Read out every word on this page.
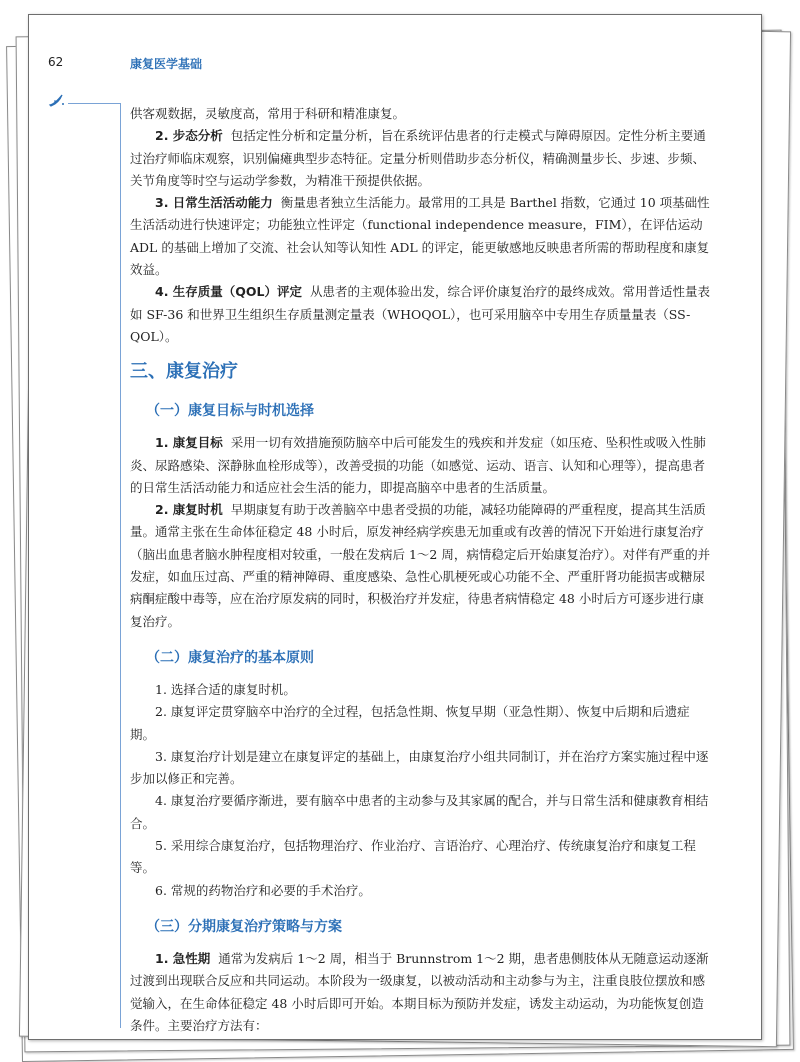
62	康复医学基础

供客观数据，灵敏度高，常用于科研和精准康复。

2. 步态分析 包括定性分析和定量分析，旨在系统评估患者的行走模式与障碍原因。定性分析主要通过治疗师临床观察，识别偏瘫典型步态特征。定量分析则借助步态分析仪，精确测量步长、步速、步频、关节角度等时空与运动学参数，为精准干预提供依据。

3. 日常生活活动能力 衡量患者独立生活能力。最常用的工具是 Barthel 指数，它通过 10 项基础性生活活动进行快速评定；功能独立性评定（functional independence measure，FIM），在评估运动 ADL 的基础上增加了交流、社会认知等认知性 ADL 的评定，能更敏感地反映患者所需的帮助程度和康复效益。

4. 生存质量（QOL）评定 从患者的主观体验出发，综合评价康复治疗的最终成效。常用普适性量表如 SF-36 和世界卫生组织生存质量测定量表（WHOQOL），也可采用脑卒中专用生存质量量表（SS-QOL）。

三、康复治疗
（一）康复目标与时机选择

1. 康复目标 采用一切有效措施预防脑卒中后可能发生的残疾和并发症（如压疮、坠积性或吸入性肺炎、尿路感染、深静脉血栓形成等），改善受损的功能（如感觉、运动、语言、认知和心理等），提高患者的日常生活活动能力和适应社会生活的能力，即提高脑卒中患者的生活质量。

2. 康复时机 早期康复有助于改善脑卒中患者受损的功能，减轻功能障碍的严重程度，提高其生活质量。通常主张在生命体征稳定 48 小时后，原发神经病学疾患无加重或有改善的情况下开始进行康复治疗（脑出血患者脑水肿程度相对较重，一般在发病后 1～2 周，病情稳定后开始康复治疗）。对伴有严重的并发症，如血压过高、严重的精神障碍、重度感染、急性心肌梗死或心功能不全、严重肝肾功能损害或糖尿病酮症酸中毒等，应在治疗原发病的同时，积极治疗并发症，待患者病情稳定 48 小时后方可逐步进行康复治疗。

（二）康复治疗的基本原则

1. 选择合适的康复时机。

2. 康复评定贯穿脑卒中治疗的全过程，包括急性期、恢复早期（亚急性期）、恢复中后期和后遗症期。

3. 康复治疗计划是建立在康复评定的基础上，由康复治疗小组共同制订，并在治疗方案实施过程中逐步加以修正和完善。

4. 康复治疗要循序渐进，要有脑卒中患者的主动参与及其家属的配合，并与日常生活和健康教育相结合。

5. 采用综合康复治疗，包括物理治疗、作业治疗、言语治疗、心理治疗、传统康复治疗和康复工程等。

6. 常规的药物治疗和必要的手术治疗。

（三）分期康复治疗策略与方案

1. 急性期 通常为发病后 1～2 周，相当于 Brunnstrom 1～2 期，患者患侧肢体从无随意运动逐渐过渡到出现联合反应和共同运动。本阶段为一级康复，以被动活动和主动参与为主，注重良肢位摆放和感觉输入，在生命体征稳定 48 小时后即可开始。本期目标为预防并发症，诱发主动运动，为功能恢复创造条件。主要治疗方法有：
